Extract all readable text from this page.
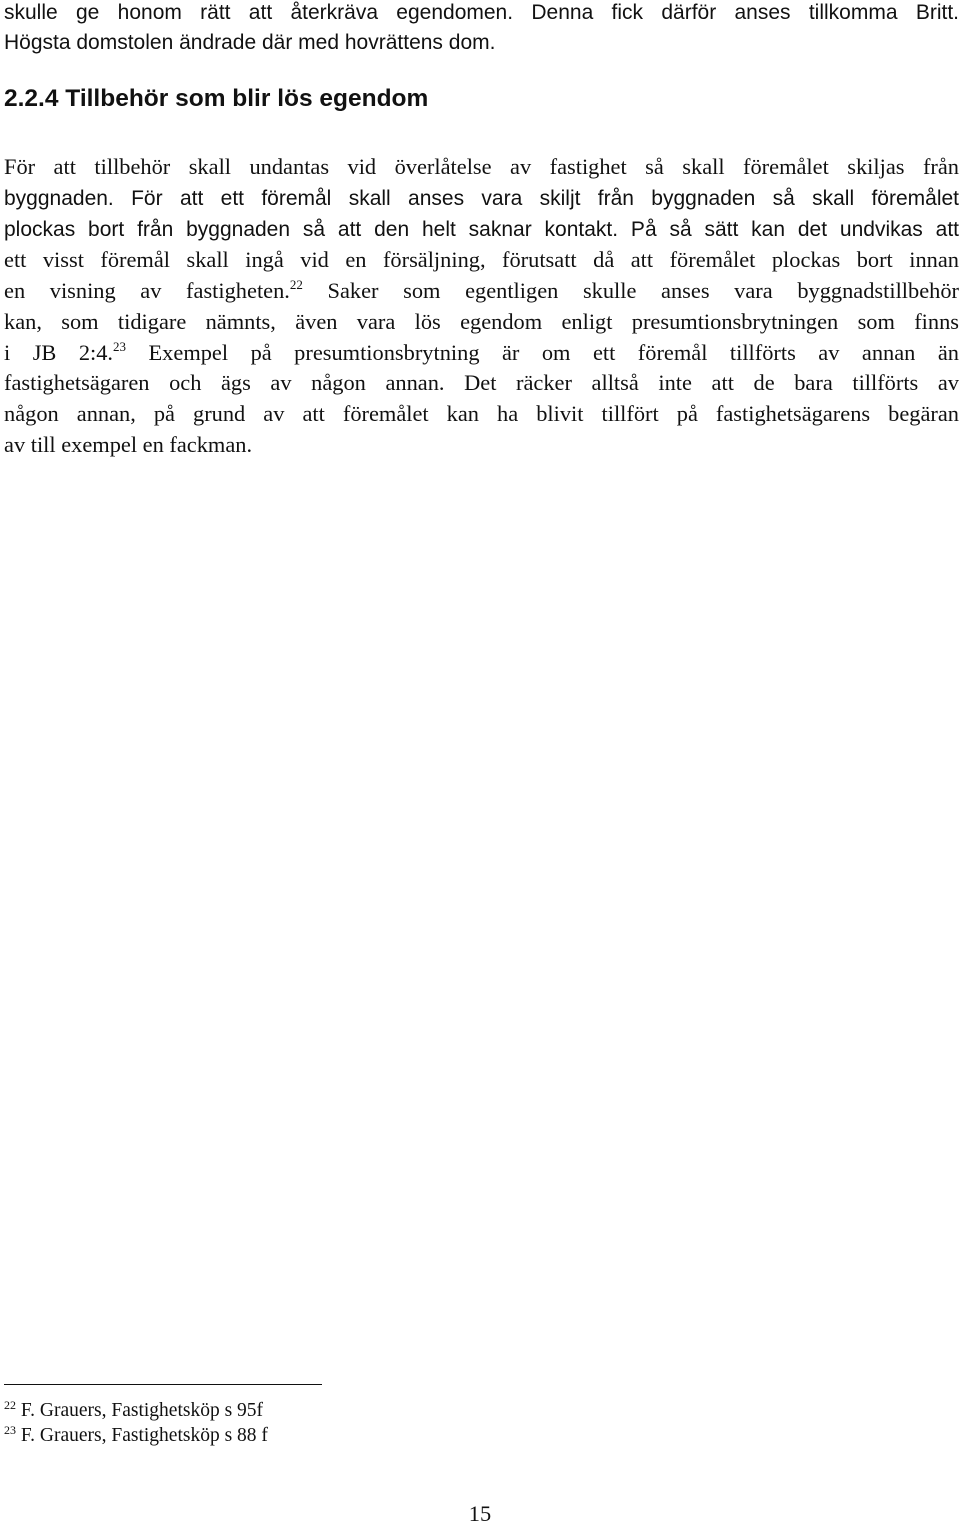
skulle ge honom rätt att återkräva egendomen. Denna fick därför anses tillkomma Britt.
Högsta domstolen ändrade där med hovrättens dom.
2.2.4 Tillbehör som blir lös egendom
För att tillbehör skall undantas vid överlåtelse av fastighet så skall föremålet skiljas från
byggnaden. För att ett föremål skall anses vara skiljt från byggnaden så skall föremålet
plockas bort från byggnaden så att den helt saknar kontakt. På så sätt kan det undvikas att
ett visst föremål skall ingå vid en försäljning, förutsatt då att föremålet plockas bort innan
en visning av fastigheten.$^{22}$ Saker som egentligen skulle anses vara byggnadstillbehör
kan, som tidigare nämnts, även vara lös egendom enligt presumtionsbrytningen som finns
i JB 2:4.23 Exempel på presumtionsbrytning är om ett föremål tillförts av annan än
fastighetsägaren och ägs av någon annan. Det räcker alltså inte att de bara tillförts av
någon annan, på grund av att föremålet kan ha blivit tillfört på fastighetsägarens begäran
av till exempel en fackman.
$^{22}$ F. Grauers, Fastighetsköp s 95f
$^{23}$ F. Grauers, Fastighetsköp s 88 f
15
